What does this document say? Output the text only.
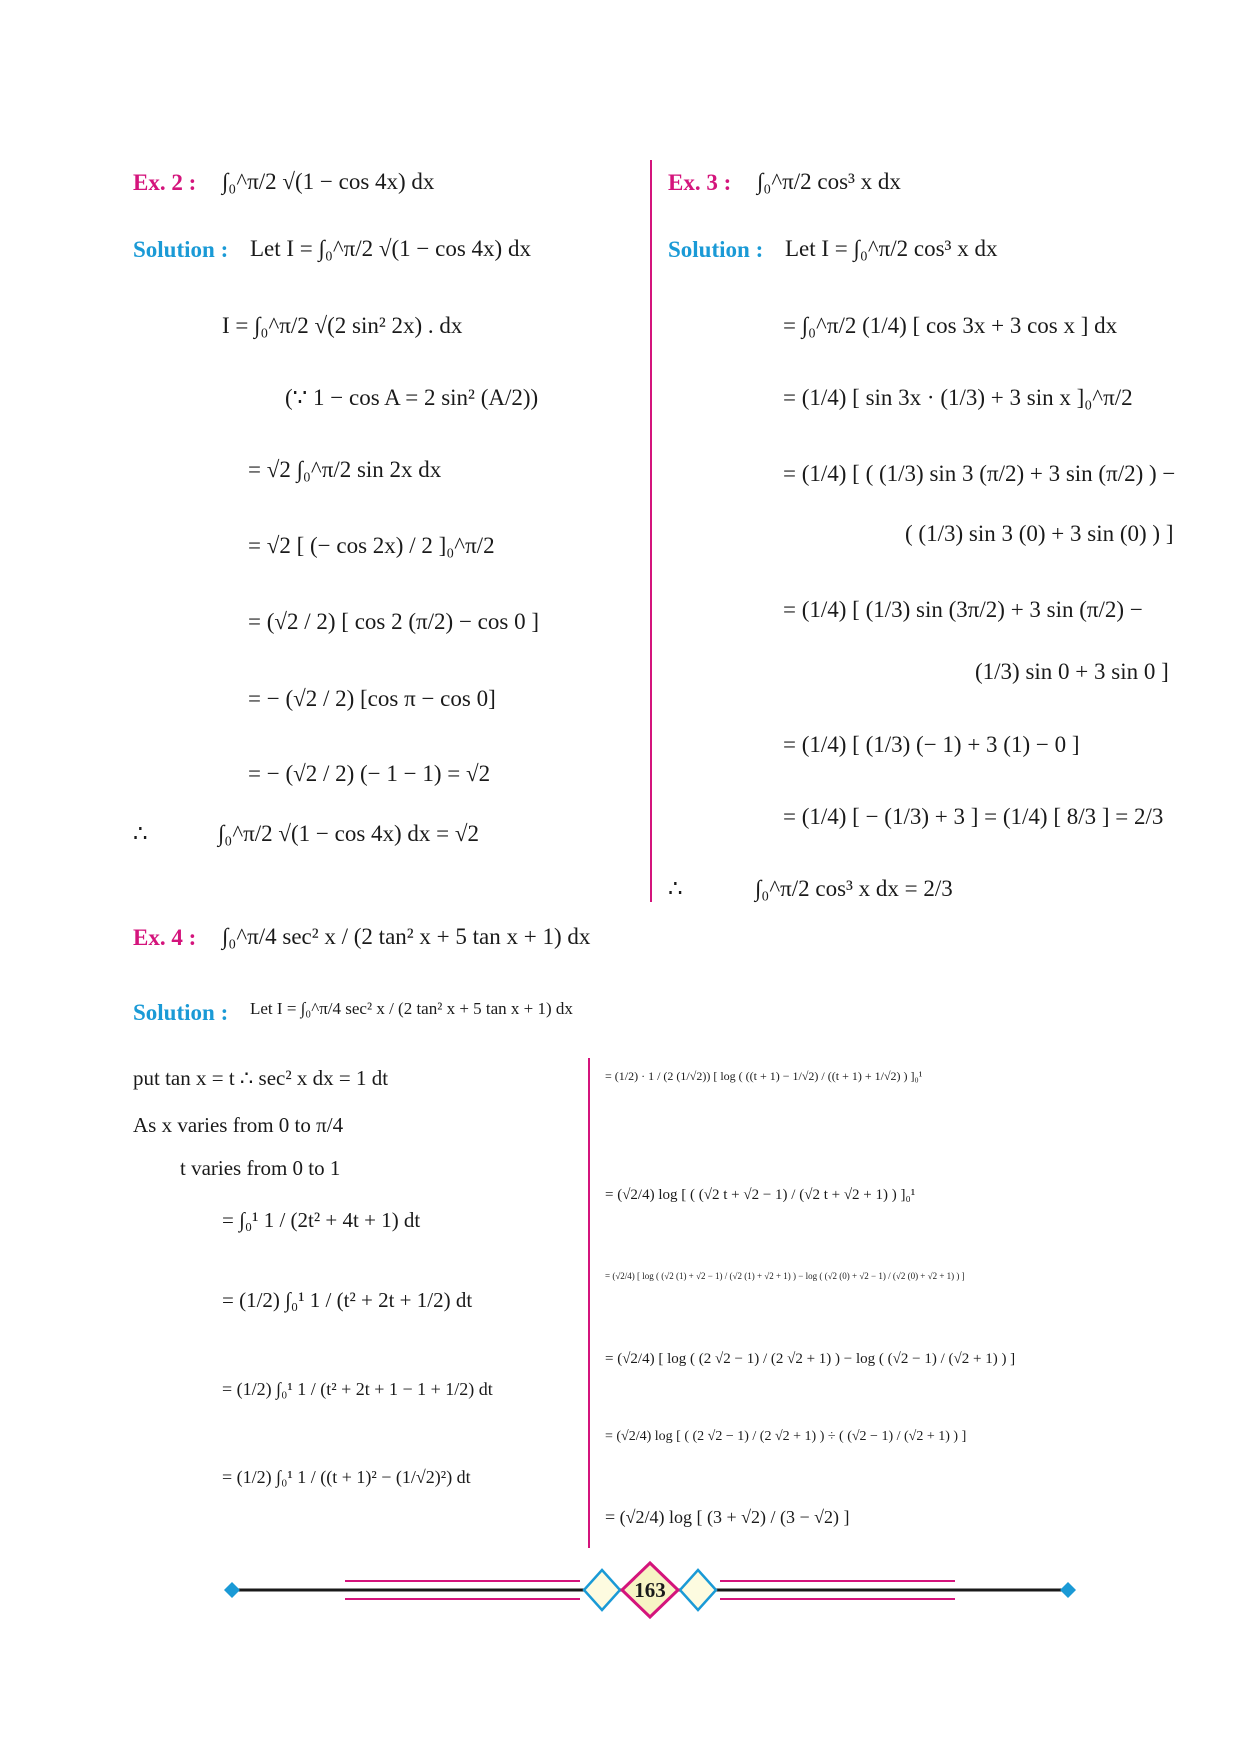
Ex. 2 : ∫₀^π/2 √(1 − cos 4x) dx
Solution : Let I = ∫₀^π/2 √(1 − cos 4x) dx
I = ∫₀^π/2 √(2 sin² 2x) . dx
(∵ 1 − cos A = 2 sin² (A/2))
= √2 ∫₀^π/2 sin 2x dx
= √2 [ (− cos 2x) / 2 ]₀^π/2
= (√2 / 2) [ cos 2 (π/2) − cos 0 ]
= − (√2 / 2) [cos π − cos 0]
= − (√2 / 2) (− 1 − 1) = √2
∴	∫₀^π/2 √(1 − cos 4x) dx = √2
Ex. 3 : ∫₀^π/2 cos³ x dx
Solution : Let I = ∫₀^π/2 cos³ x dx
= ∫₀^π/2 (1/4) [ cos 3x + 3 cos x ] dx
= (1/4) [ sin 3x · (1/3) + 3 sin x ]₀^π/2
= (1/4) [ ( (1/3) sin 3 (π/2) + 3 sin (π/2) ) −
( (1/3) sin 3 (0) + 3 sin (0) ) ]
= (1/4) [ (1/3) sin (3π/2) + 3 sin (π/2) −
(1/3) sin 0 + 3 sin 0 ]
= (1/4) [ (1/3) (− 1) + 3 (1) − 0 ]
= (1/4) [ − (1/3) + 3 ] = (1/4) [ 8/3 ] = 2/3
∴	∫₀^π/2 cos³ x dx = 2/3
Ex. 4 : ∫₀^π/4 sec² x / (2 tan² x + 5 tan x + 1) dx
Solution : Let I = ∫₀^π/4 sec² x / (2 tan² x + 5 tan x + 1) dx
put tan x = t ∴ sec² x dx = 1 dt
As x varies from 0 to π/4
t varies from 0 to 1
= ∫₀¹ 1 / (2t² + 4t + 1) dt
= (1/2) ∫₀¹ 1 / (t² + 2t + 1/2) dt
= (1/2) ∫₀¹ 1 / (t² + 2t + 1 − 1 + 1/2) dt
= (1/2) ∫₀¹ 1 / ((t + 1)² − (1/√2)²) dt
= (1/2) · 1 / (2 (1/√2)) [ log ( ((t + 1) − 1/√2) / ((t + 1) + 1/√2) ) ]₀¹
= (√2/4) log [ ( (√2 t + √2 − 1) / (√2 t + √2 + 1) ) ]₀¹
= (√2/4) [ log ( (√2 (1) + √2 − 1) / (√2 (1) + √2 + 1) ) − log ( (√2 (0) + √2 − 1) / (√2 (0) + √2 + 1) ) ]
= (√2/4) [ log ( (2 √2 − 1) / (2 √2 + 1) ) − log ( (√2 − 1) / (√2 + 1) ) ]
= (√2/4) log [ ( (2 √2 − 1) / (2 √2 + 1) ) ÷ ( (√2 − 1) / (√2 + 1) ) ]
= (√2/4) log [ (3 + √2) / (3 − √2) ]
163
